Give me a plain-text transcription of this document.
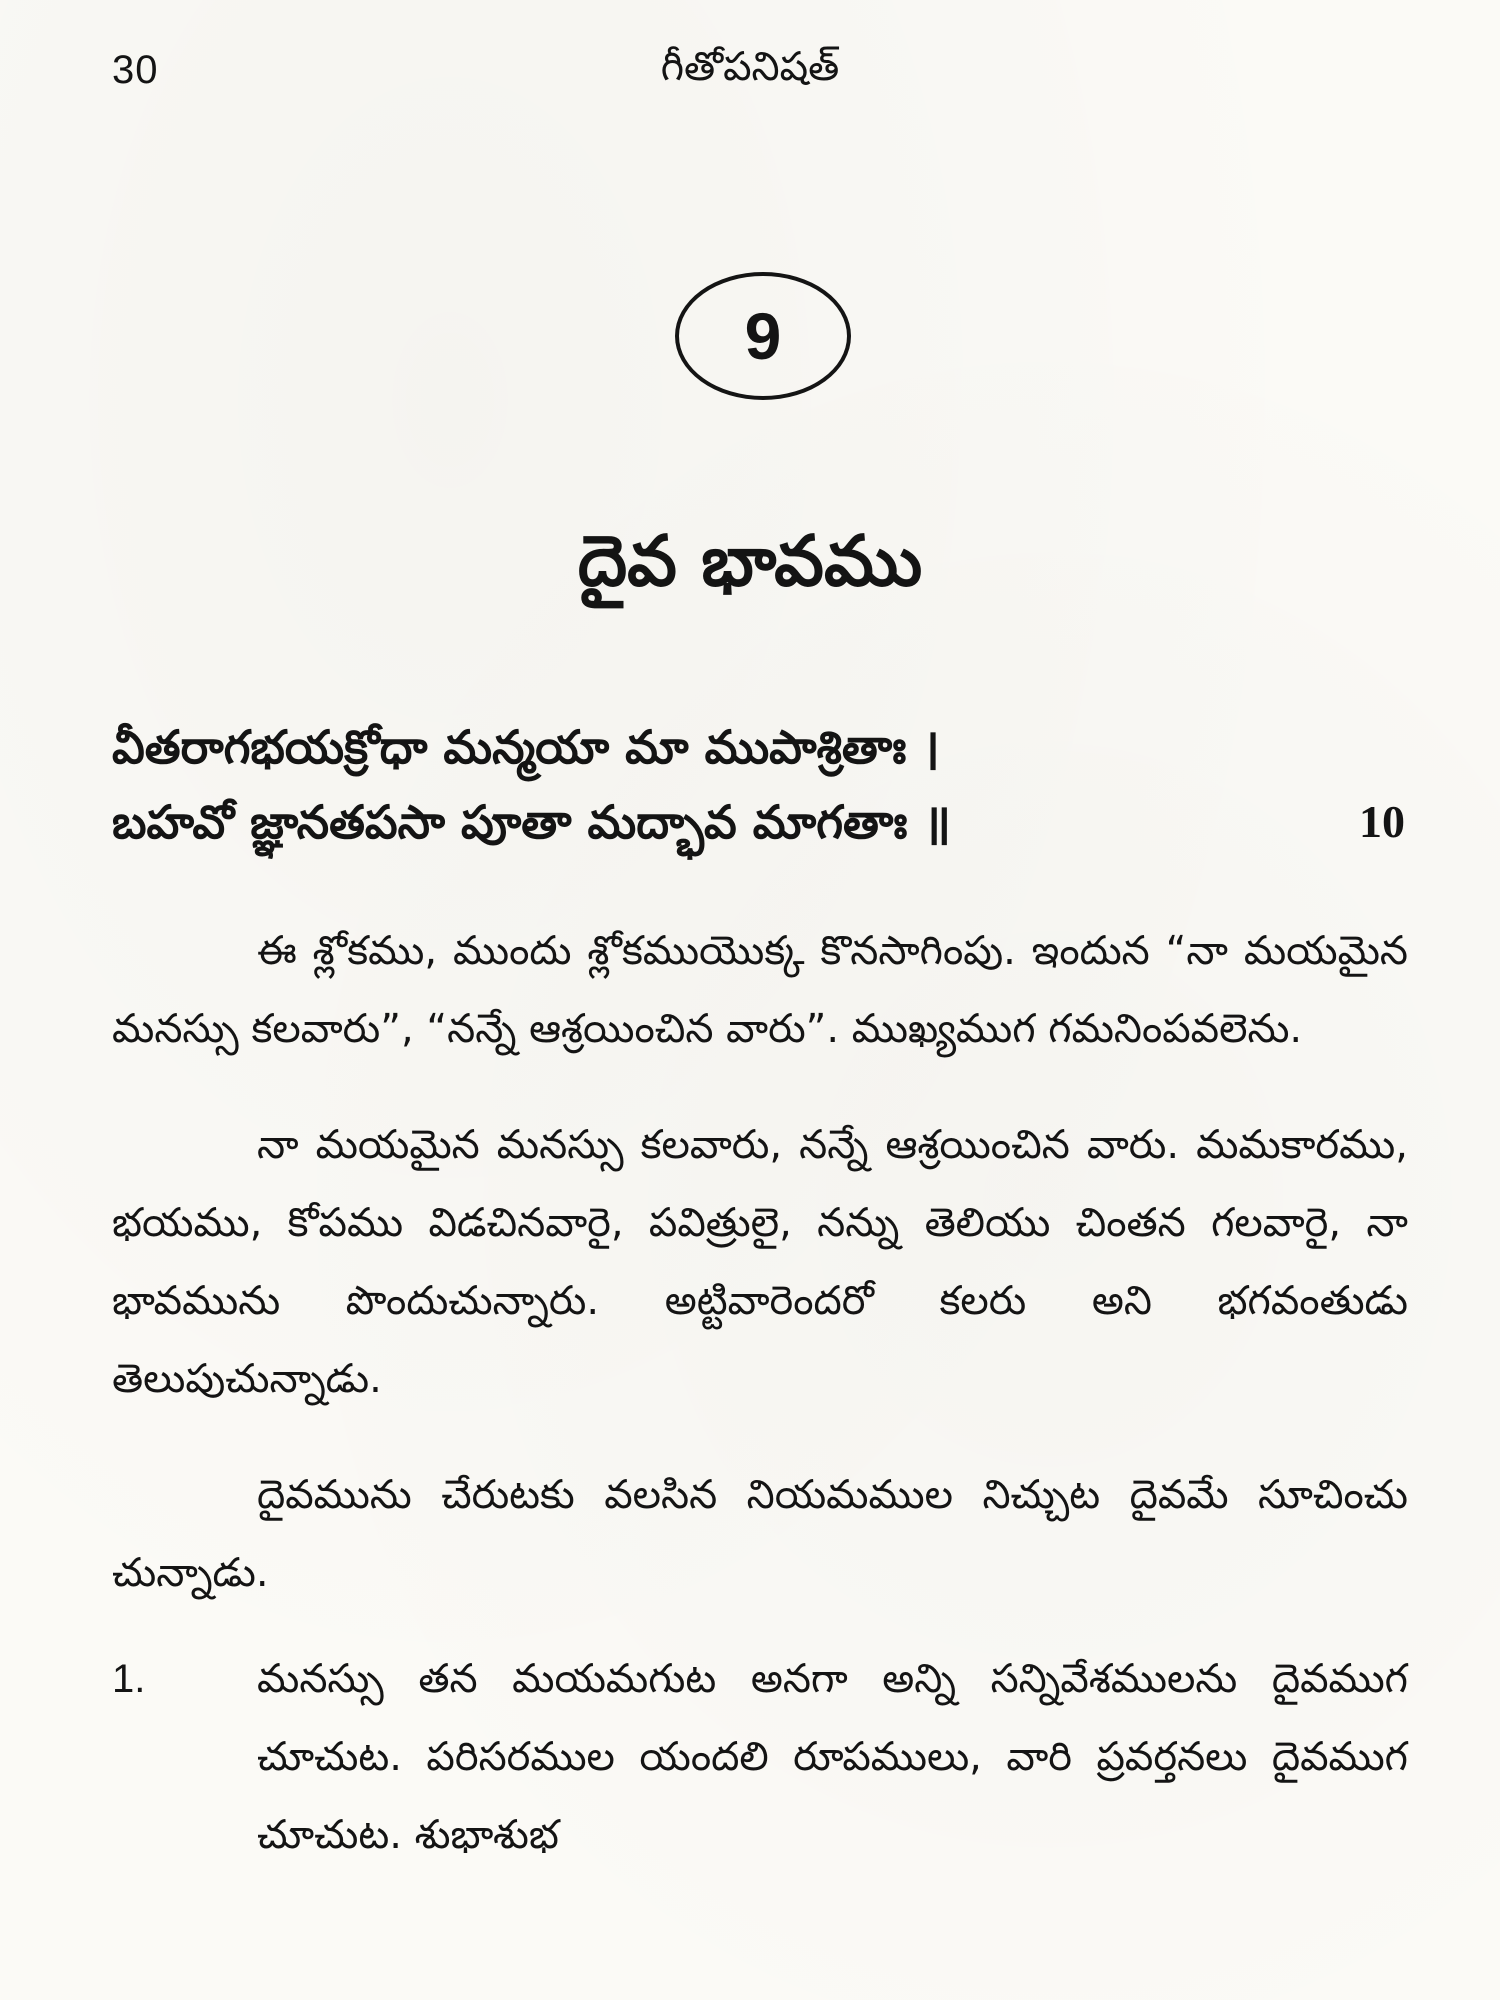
30	గీతోపనిషత్
9
దైవ భావము
వీతరాగభయక్రోధా మన్మయా మా ముపాశ్రితాః ।
బహవో జ్ఞానతపసా పూతా మద్భావ మాగతాః ॥	10

ఈ శ్లోకము, ముందు శ్లోకముయొక్క కొనసాగింపు. ఇందున “నా మయమైన మనస్సు కలవారు”, “నన్నే ఆశ్రయించిన వారు”. ముఖ్యముగ గమనింపవలెను.

నా మయమైన మనస్సు కలవారు, నన్నే ఆశ్రయించిన వారు. మమకారము, భయము, కోపము విడచినవారై, పవిత్రులై, నన్ను తెలియు చింతన గలవారై, నా భావమును పొందుచున్నారు. అట్టివారెందరో కలరు అని భగవంతుడు తెలుపుచున్నాడు.

దైవమును చేరుటకు వలసిన నియమముల నిచ్చుట దైవమే సూచించు చున్నాడు.

1.	మనస్సు తన మయమగుట అనగా అన్ని సన్నివేశములను దైవముగ చూచుట. పరిసరముల యందలి రూపములు, వారి ప్రవర్తనలు దైవముగ చూచుట. శుభాశుభ
